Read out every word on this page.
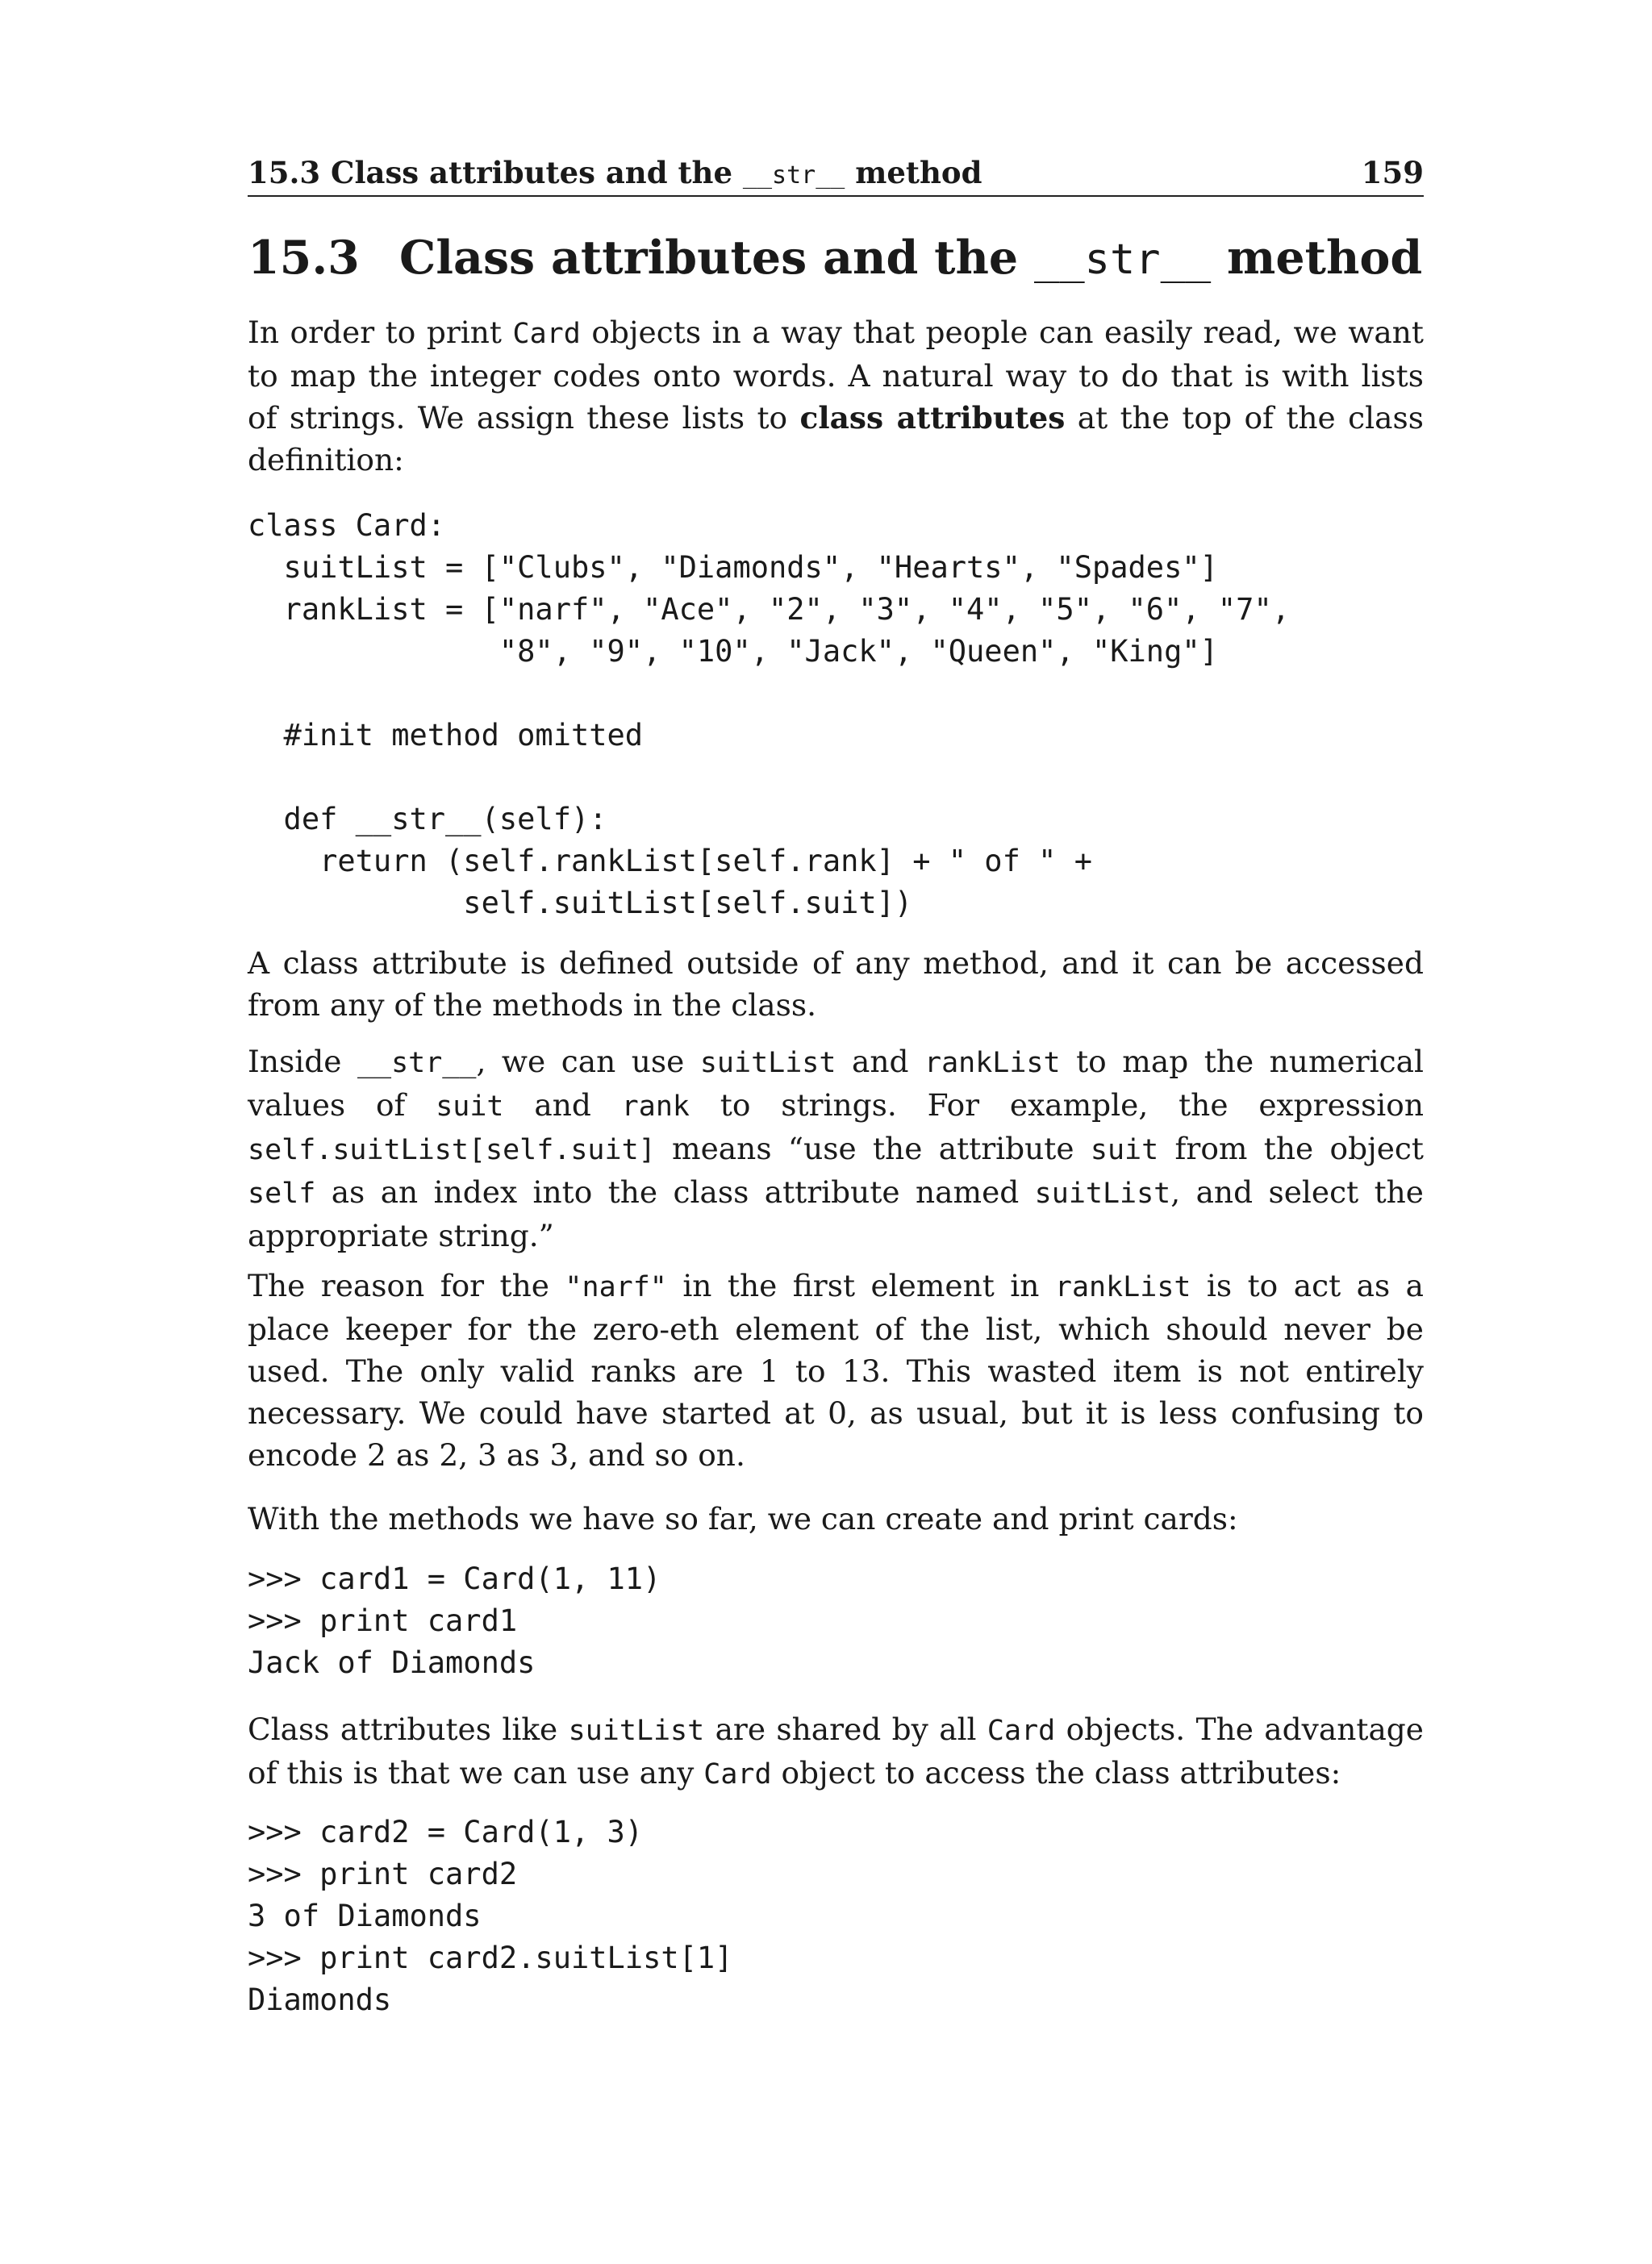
15.3 Class attributes and the __str__ method	159
15.3 Class attributes and the __str__ method

In order to print Card objects in a way that people can easily read, we want to map the integer codes onto words. A natural way to do that is with lists of strings. We assign these lists to class attributes at the top of the class definition:

class Card:
suitList = ["Clubs", "Diamonds", "Hearts", "Spades"]
rankList = ["narf", "Ace", "2", "3", "4", "5", "6", "7",
"8", "9", "10", "Jack", "Queen", "King"]

#init method omitted

def __str__(self):
return (self.rankList[self.rank] + " of " +
self.suitList[self.suit])

A class attribute is defined outside of any method, and it can be accessed from any of the methods in the class.

Inside __str__, we can use suitList and rankList to map the numerical values of suit and rank to strings. For example, the expression self.suitList[self.suit] means “use the attribute suit from the object self as an index into the class attribute named suitList, and select the appropriate string.”

The reason for the "narf" in the first element in rankList is to act as a place keeper for the zero-eth element of the list, which should never be used. The only valid ranks are 1 to 13. This wasted item is not entirely necessary. We could have started at 0, as usual, but it is less confusing to encode 2 as 2, 3 as 3, and so on.

With the methods we have so far, we can create and print cards:

>>> card1 = Card(1, 11)
>>> print card1
Jack of Diamonds

Class attributes like suitList are shared by all Card objects. The advantage of this is that we can use any Card object to access the class attributes:

>>> card2 = Card(1, 3)
>>> print card2
3 of Diamonds
>>> print card2.suitList[1]
Diamonds
